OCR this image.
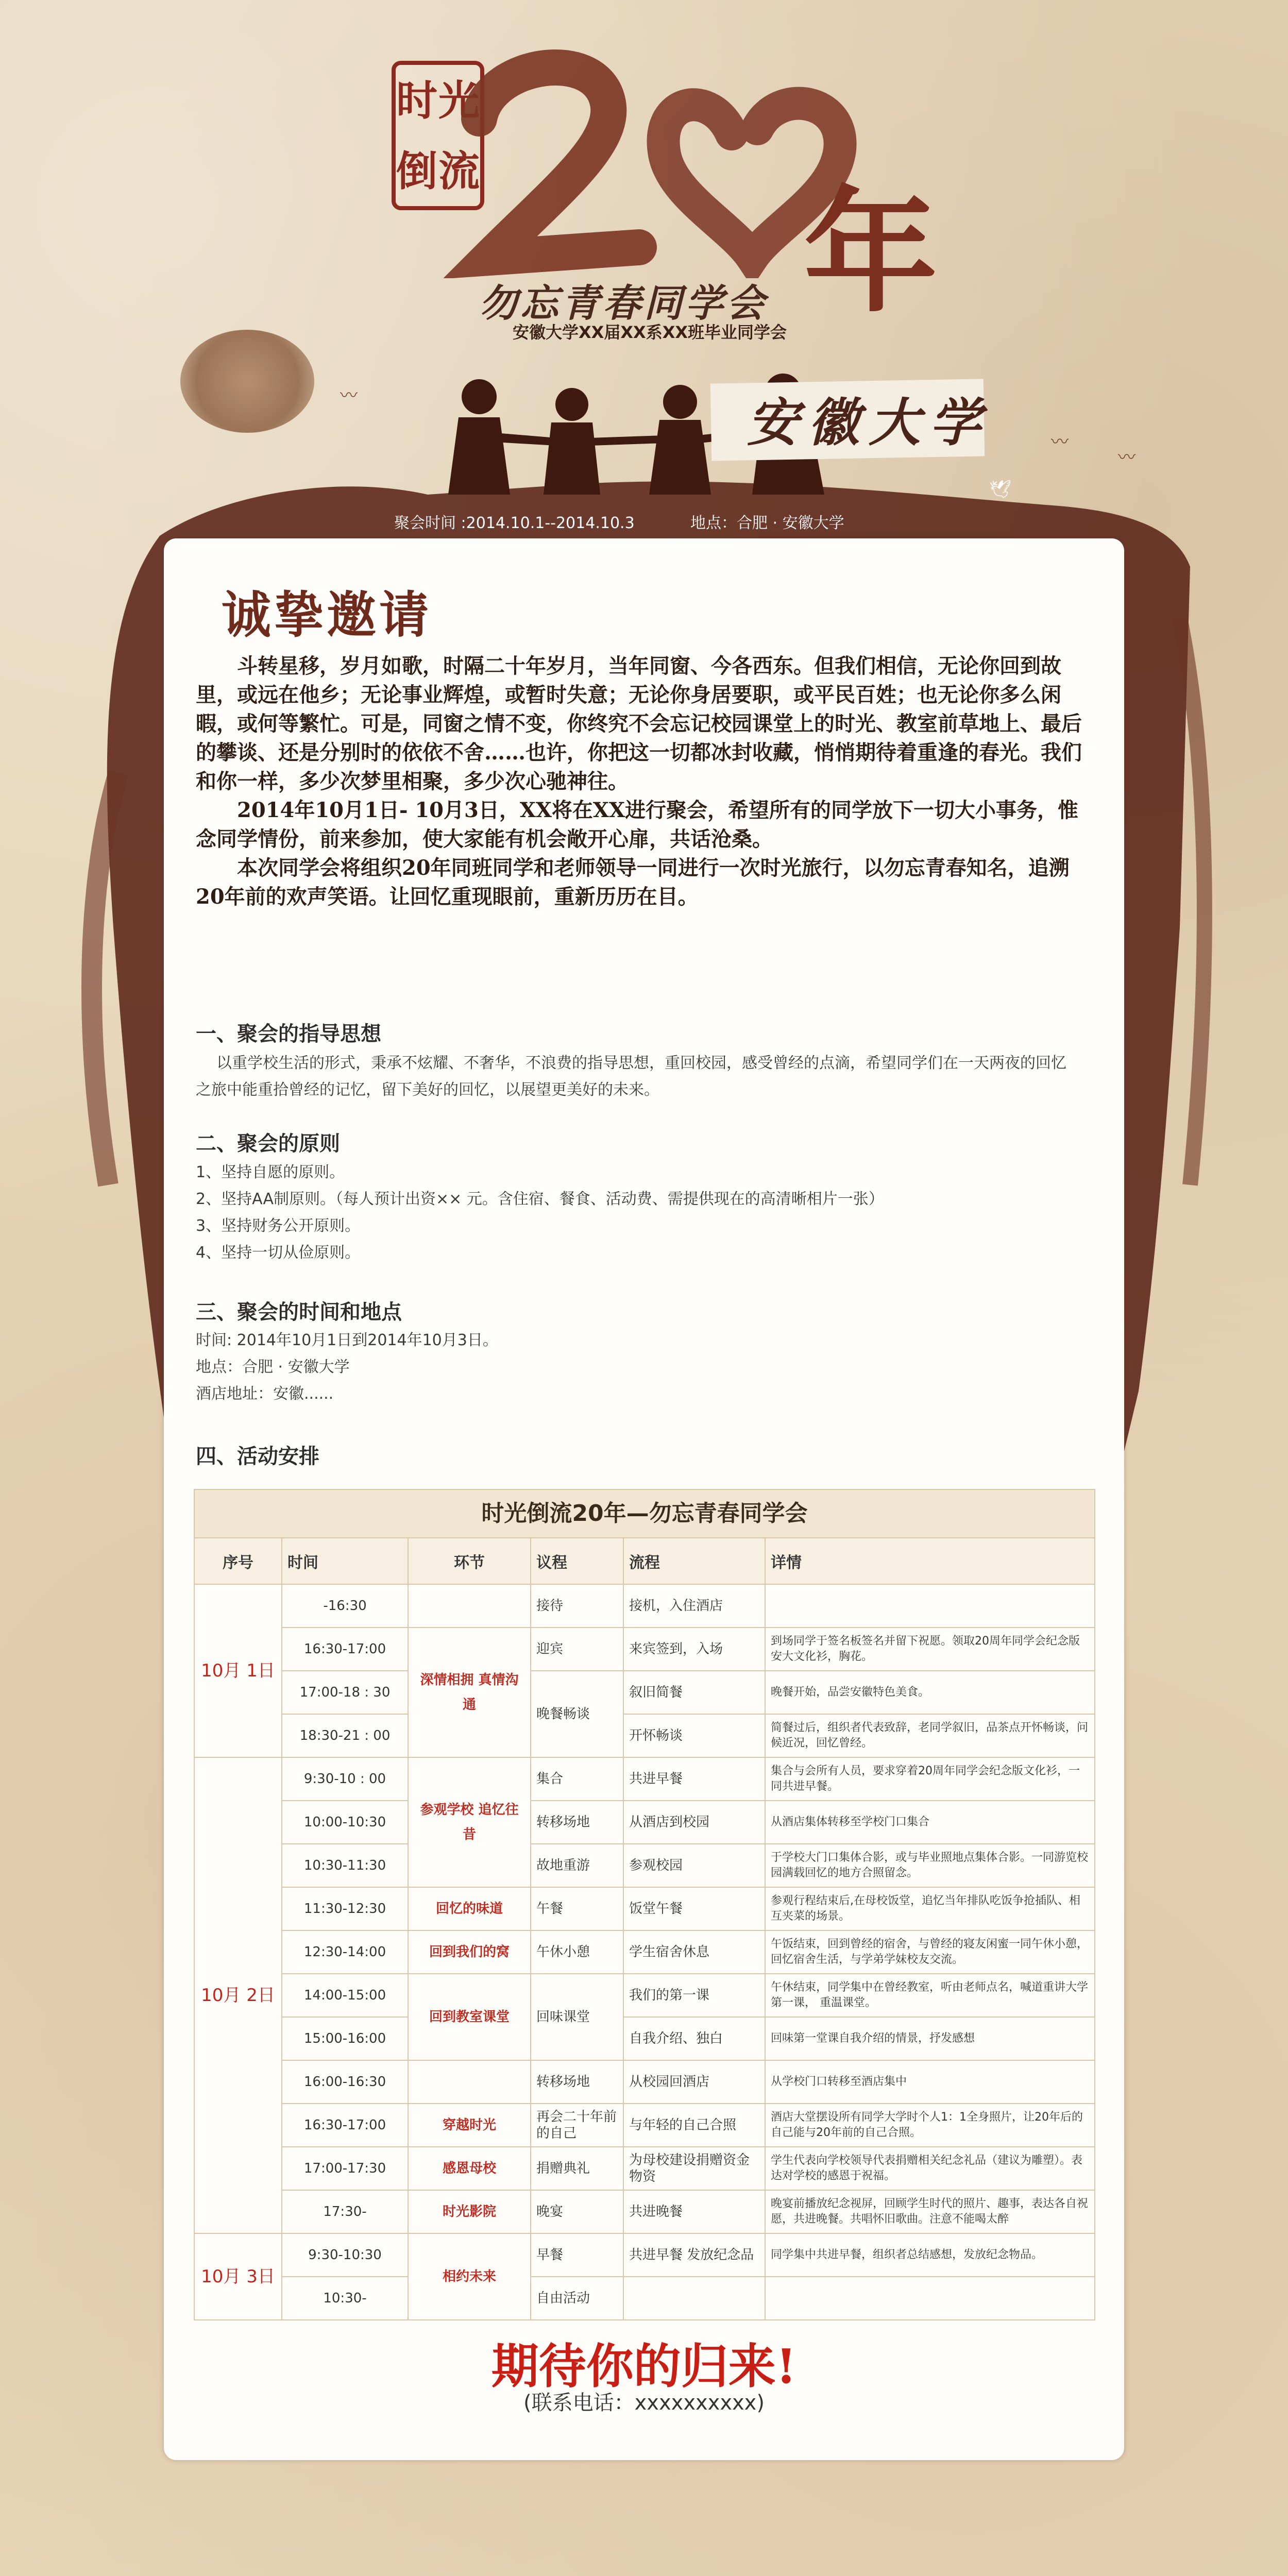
时 光
倒 流
年
勿忘青春同学会
安徽大学XX届XX系XX班毕业同学会
安徽大学
〰
〰
〰
🕊
聚会时间 :2014.10.1--2014.10.3	地点：合肥 · 安徽大学
诚挚邀请

斗转星移，岁月如歌，时隔二十年岁月，当年同窗、今各西东。但我们相信，无论你回到故里，或远在他乡；无论事业辉煌，或暂时失意；无论你身居要职，或平民百姓；也无论你多么闲暇，或何等繁忙。可是，同窗之情不变，你终究不会忘记校园课堂上的时光、教室前草地上、最后的攀谈、还是分别时的依依不舍……也许，你把这一切都冰封收藏，悄悄期待着重逢的春光。我们和你一样，多少次梦里相聚，多少次心驰神往。

2014年10月1日- 10月3日，XX将在XX进行聚会，希望所有的同学放下一切大小事务，惟念同学情份，前来参加，使大家能有机会敞开心扉，共话沧桑。

本次同学会将组织20年同班同学和老师领导一同进行一次时光旅行，以勿忘青春知名，追溯20年前的欢声笑语。让回忆重现眼前，重新历历在目。

一、聚会的指导思想
以重学校生活的形式，秉承不炫耀、不奢华，不浪费的指导思想，重回校园，感受曾经的点滴，希望同学们在一天两夜的回忆
之旅中能重拾曾经的记忆，留下美好的回忆，以展望更美好的未来。
二、聚会的原则
1、坚持自愿的原则。
2、坚持AA制原则。（每人预计出资×× 元。含住宿、餐食、活动费、需提供现在的高清晰相片一张）
3、坚持财务公开原则。
4、坚持一切从俭原则。
三、聚会的时间和地点
时间: 2014年10月1日到2014年10月3日。
地点：合肥 · 安徽大学
酒店地址：安徽......
四、活动安排
时光倒流20年—勿忘青春同学会					
序号	时间	环节	议程	流程	详情
10月 1日	-16:30		接待	接机，入住酒店	
	16:30-17:00	深情相拥 真情沟通	迎宾	来宾签到，入场	到场同学于签名板签名并留下祝愿。领取20周年同学会纪念版安大文化衫，胸花。
	17:00-18 : 30		晚餐畅谈	叙旧简餐	晚餐开始，品尝安徽特色美食。
	18:30-21 : 00			开怀畅谈	简餐过后，组织者代表致辞，老同学叙旧，品茶点开怀畅谈，问候近况，回忆曾经。
10月 2日	9:30-10 : 00	参观学校 追忆往昔	集合	共进早餐	集合与会所有人员，要求穿着20周年同学会纪念版文化衫，一同共进早餐。
	10:00-10:30		转移场地	从酒店到校园	从酒店集体转移至学校门口集合
	10:30-11:30		故地重游	参观校园	于学校大门口集体合影，或与毕业照地点集体合影。一同游览校园满载回忆的地方合照留念。
	11:30-12:30	回忆的味道	午餐	饭堂午餐	参观行程结束后,在母校饭堂，追忆当年排队吃饭争抢插队、相互夹菜的场景。
	12:30-14:00	回到我们的窝	午休小憩	学生宿舍休息	午饭结束，回到曾经的宿舍，与曾经的寝友闲蜜一同午休小憩，回忆宿舍生活，与学弟学妹校友交流。
	14:00-15:00	回到教室课堂	回味课堂	我们的第一课	午休结束，同学集中在曾经教室，听由老师点名，喊道重讲大学第一课， 重温课堂。
	15:00-16:00			自我介绍、独白	回味第一堂课自我介绍的情景，抒发感想
	16:00-16:30		转移场地	从校园回酒店	从学校门口转移至酒店集中
	16:30-17:00	穿越时光	再会二十年前的自己	与年轻的自己合照	酒店大堂摆设所有同学大学时个人1：1全身照片，让20年后的自己能与20年前的自己合照。
	17:00-17:30	感恩母校	捐赠典礼	为母校建设捐赠资金物资	学生代表向学校领导代表捐赠相关纪念礼品（建议为雕塑）。表达对学校的感恩于祝福。
	17:30-	时光影院	晚宴	共进晚餐	晚宴前播放纪念视屏，回顾学生时代的照片、趣事，表达各自祝愿，共进晚餐。共唱怀旧歌曲。注意不能喝太醉
10月 3日	9:30-10:30	相约未来	早餐	共进早餐 发放纪念品	同学集中共进早餐，组织者总结感想，发放纪念物品。
	10:30-		自由活动		
期待你的归来!
(联系电话：xxxxxxxxxx)
